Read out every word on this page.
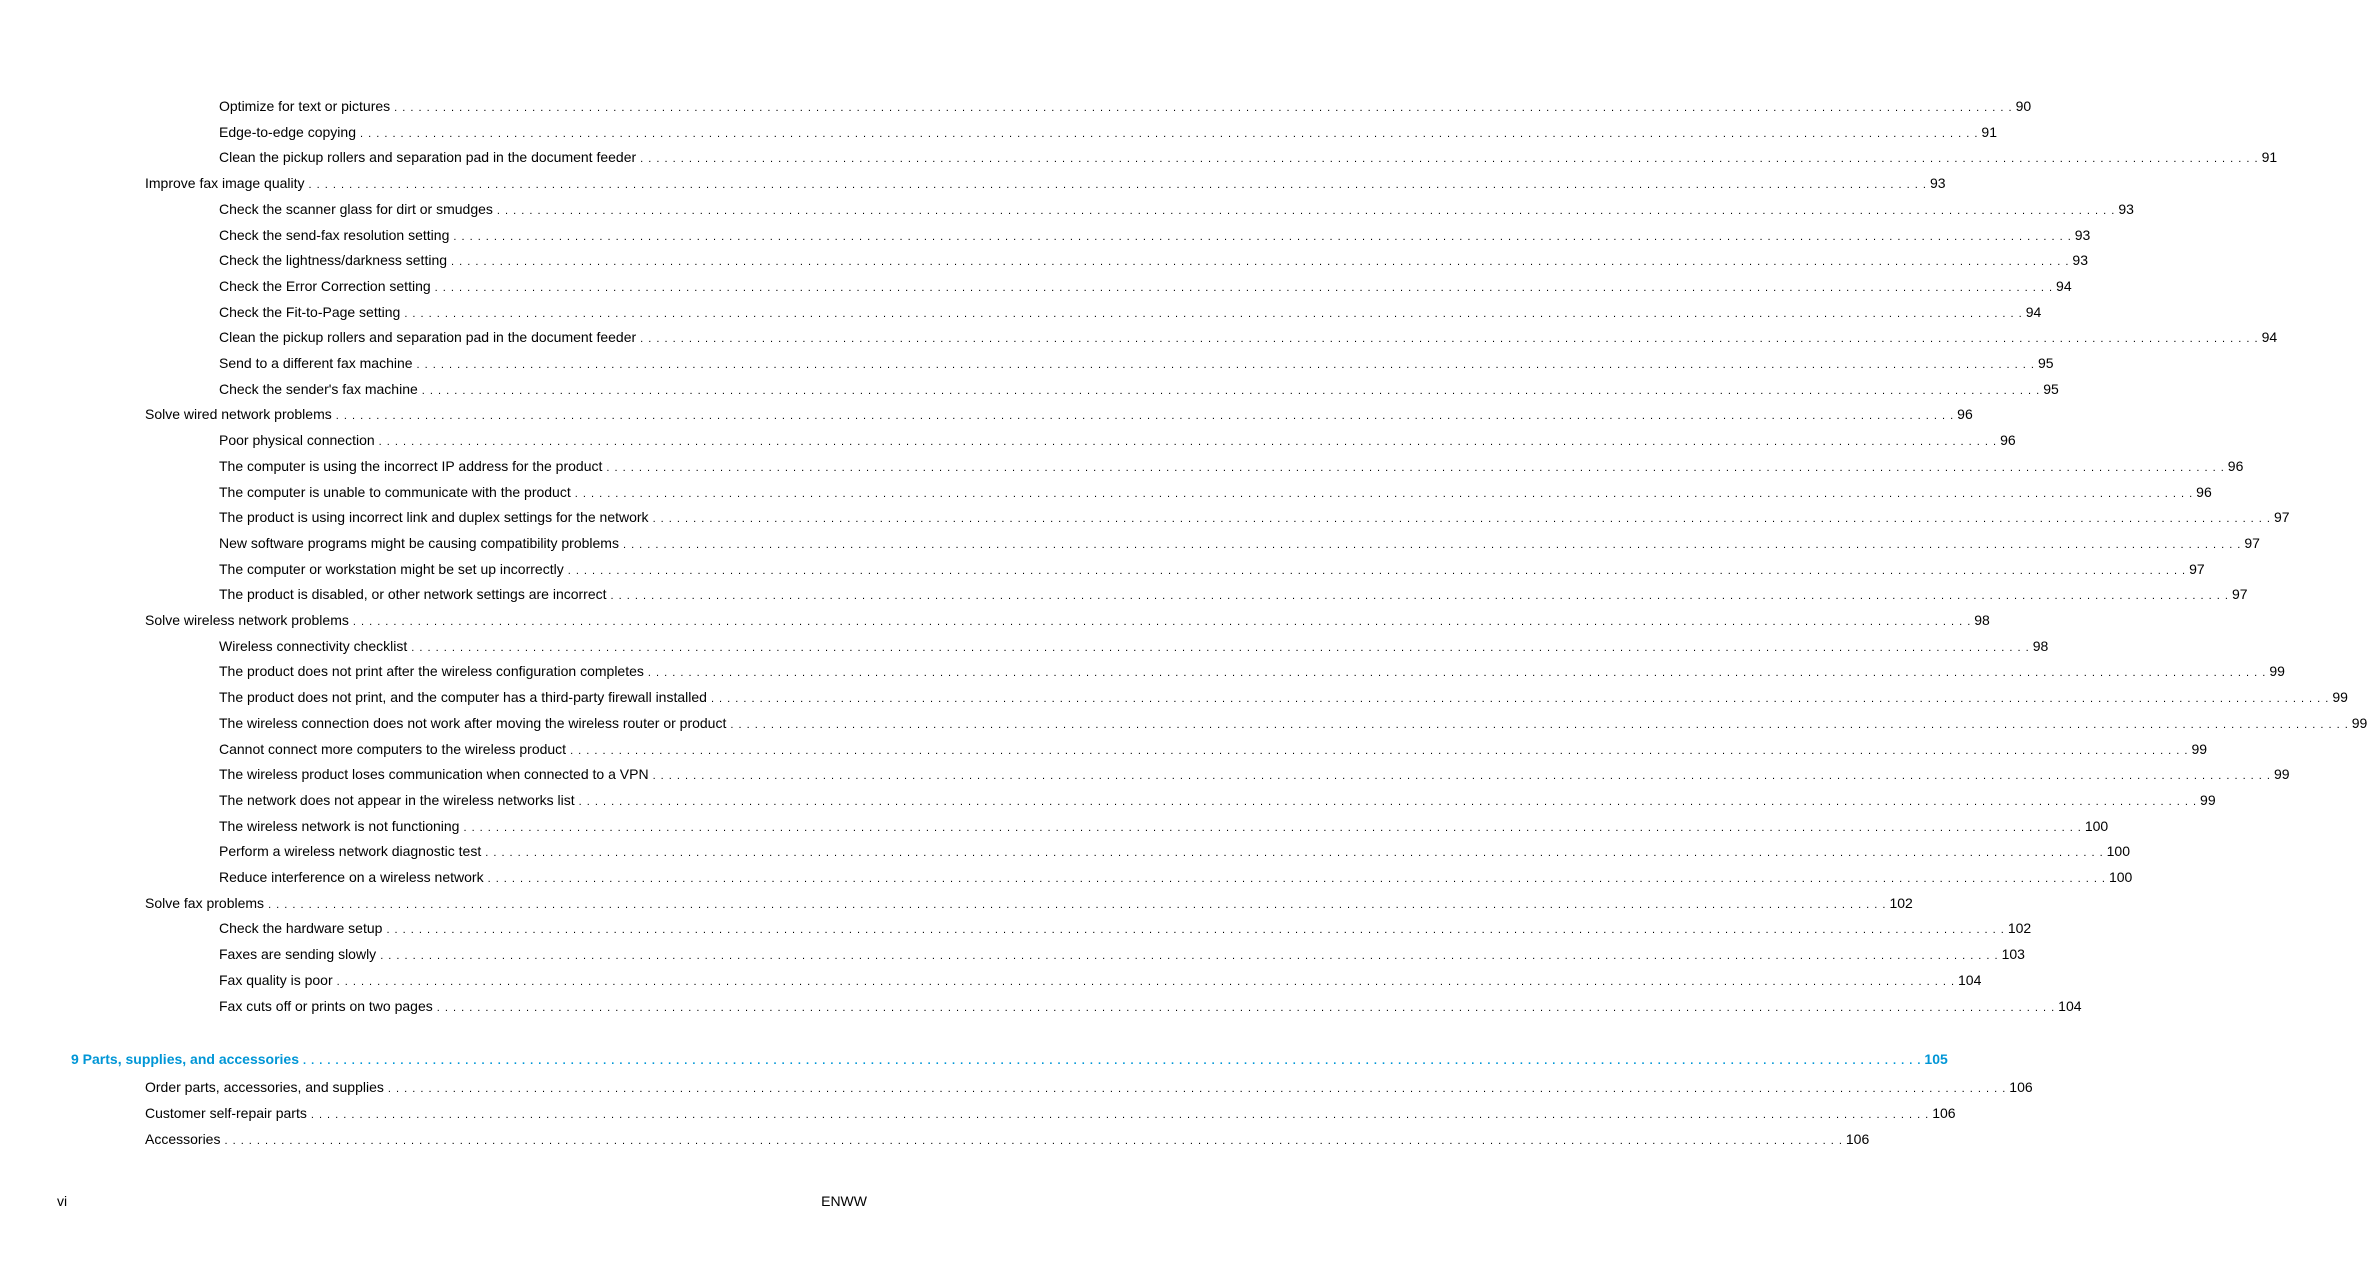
Optimize for text or pictures . . . . . . . . . . . . . . . . . . . . . . . . . . . . . . . . . . . . . . . . . . . . . . . . . . . . . . . . . . . . . . . . . . . . . . . . . . . . . . . . . . . . . . . . . . . . . . . . . . . . . . . . . . . . . . . . . . . . . . . . . . . . . . . . . . . . . . . . . . . . . . . . . . . . . . . . . . . . . . . . . . . . . . . . . . . . . . . . . . . . . . . . . . . . . . . . . . . . . . . . 90
Edge-to-edge copying . . . . . . . . . . . . . . . . . . . . . . . . . . . . . . . . . . . . . . . . . . . . . . . . . . . . . . . . . . . . . . . . . . . . . . . . . . . . . . . . . . . . . . . . . . . . . . . . . . . . . . . . . . . . . . . . . . . . . . . . . . . . . . . . . . . . . . . . . . . . . . . . . . . . . . . . . . . . . . . . . . . . . . . . . . . . . . . . . . . . . . . . . . . . . . . . . . . . . . . . 91
Clean the pickup rollers and separation pad in the document feeder . . . . . . . . . . . . . . . . . . . . . . . . . . . . . . . . . . . . . . . . . . . . . . . . . . . . . . . . . . . . . . . . . . . . . . . . . . . . . . . . . . . . . . . . . . . . . . . . . . . . . . . . . . . . . . . . . . . . . . . . . . . . . . . . . . . . . . . . . . . . . . . . . . . . . . . . . . . . . . . . . . . . . . . . . . . . . . . . . . . . . . . . . . . . . . . . . . . . . . . . 91
Improve fax image quality . . . . . . . . . . . . . . . . . . . . . . . . . . . . . . . . . . . . . . . . . . . . . . . . . . . . . . . . . . . . . . . . . . . . . . . . . . . . . . . . . . . . . . . . . . . . . . . . . . . . . . . . . . . . . . . . . . . . . . . . . . . . . . . . . . . . . . . . . . . . . . . . . . . . . . . . . . . . . . . . . . . . . . . . . . . . . . . . . . . . . . . . . . . . . . . . . . . . . . . . 93
Check the scanner glass for dirt or smudges . . . . . . . . . . . . . . . . . . . . . . . . . . . . . . . . . . . . . . . . . . . . . . . . . . . . . . . . . . . . . . . . . . . . . . . . . . . . . . . . . . . . . . . . . . . . . . . . . . . . . . . . . . . . . . . . . . . . . . . . . . . . . . . . . . . . . . . . . . . . . . . . . . . . . . . . . . . . . . . . . . . . . . . . . . . . . . . . . . . . . . . . . . . . . . . . . . . . . . . . 93
Check the send-fax resolution setting . . . . . . . . . . . . . . . . . . . . . . . . . . . . . . . . . . . . . . . . . . . . . . . . . . . . . . . . . . . . . . . . . . . . . . . . . . . . . . . . . . . . . . . . . . . . . . . . . . . . . . . . . . . . . . . . . . . . . . . . . . . . . . . . . . . . . . . . . . . . . . . . . . . . . . . . . . . . . . . . . . . . . . . . . . . . . . . . . . . . . . . . . . . . . . . . . . . . . . . . 93
Check the lightness/darkness setting . . . . . . . . . . . . . . . . . . . . . . . . . . . . . . . . . . . . . . . . . . . . . . . . . . . . . . . . . . . . . . . . . . . . . . . . . . . . . . . . . . . . . . . . . . . . . . . . . . . . . . . . . . . . . . . . . . . . . . . . . . . . . . . . . . . . . . . . . . . . . . . . . . . . . . . . . . . . . . . . . . . . . . . . . . . . . . . . . . . . . . . . . . . . . . . . . . . . . . . . 93
Check the Error Correction setting . . . . . . . . . . . . . . . . . . . . . . . . . . . . . . . . . . . . . . . . . . . . . . . . . . . . . . . . . . . . . . . . . . . . . . . . . . . . . . . . . . . . . . . . . . . . . . . . . . . . . . . . . . . . . . . . . . . . . . . . . . . . . . . . . . . . . . . . . . . . . . . . . . . . . . . . . . . . . . . . . . . . . . . . . . . . . . . . . . . . . . . . . . . . . . . . . . . . . . . . 94
Check the Fit-to-Page setting . . . . . . . . . . . . . . . . . . . . . . . . . . . . . . . . . . . . . . . . . . . . . . . . . . . . . . . . . . . . . . . . . . . . . . . . . . . . . . . . . . . . . . . . . . . . . . . . . . . . . . . . . . . . . . . . . . . . . . . . . . . . . . . . . . . . . . . . . . . . . . . . . . . . . . . . . . . . . . . . . . . . . . . . . . . . . . . . . . . . . . . . . . . . . . . . . . . . . . . . 94
Clean the pickup rollers and separation pad in the document feeder . . . . . . . . . . . . . . . . . . . . . . . . . . . . . . . . . . . . . . . . . . . . . . . . . . . . . . . . . . . . . . . . . . . . . . . . . . . . . . . . . . . . . . . . . . . . . . . . . . . . . . . . . . . . . . . . . . . . . . . . . . . . . . . . . . . . . . . . . . . . . . . . . . . . . . . . . . . . . . . . . . . . . . . . . . . . . . . . . . . . . . . . . . . . . . . . . . . . . . . . 94
Send to a different fax machine . . . . . . . . . . . . . . . . . . . . . . . . . . . . . . . . . . . . . . . . . . . . . . . . . . . . . . . . . . . . . . . . . . . . . . . . . . . . . . . . . . . . . . . . . . . . . . . . . . . . . . . . . . . . . . . . . . . . . . . . . . . . . . . . . . . . . . . . . . . . . . . . . . . . . . . . . . . . . . . . . . . . . . . . . . . . . . . . . . . . . . . . . . . . . . . . . . . . . . . . 95
Check the sender's fax machine . . . . . . . . . . . . . . . . . . . . . . . . . . . . . . . . . . . . . . . . . . . . . . . . . . . . . . . . . . . . . . . . . . . . . . . . . . . . . . . . . . . . . . . . . . . . . . . . . . . . . . . . . . . . . . . . . . . . . . . . . . . . . . . . . . . . . . . . . . . . . . . . . . . . . . . . . . . . . . . . . . . . . . . . . . . . . . . . . . . . . . . . . . . . . . . . . . . . . . . . 95
Solve wired network problems . . . . . . . . . . . . . . . . . . . . . . . . . . . . . . . . . . . . . . . . . . . . . . . . . . . . . . . . . . . . . . . . . . . . . . . . . . . . . . . . . . . . . . . . . . . . . . . . . . . . . . . . . . . . . . . . . . . . . . . . . . . . . . . . . . . . . . . . . . . . . . . . . . . . . . . . . . . . . . . . . . . . . . . . . . . . . . . . . . . . . . . . . . . . . . . . . . . . . . . . 96
Poor physical connection . . . . . . . . . . . . . . . . . . . . . . . . . . . . . . . . . . . . . . . . . . . . . . . . . . . . . . . . . . . . . . . . . . . . . . . . . . . . . . . . . . . . . . . . . . . . . . . . . . . . . . . . . . . . . . . . . . . . . . . . . . . . . . . . . . . . . . . . . . . . . . . . . . . . . . . . . . . . . . . . . . . . . . . . . . . . . . . . . . . . . . . . . . . . . . . . . . . . . . . . 96
The computer is using the incorrect IP address for the product . . . . . . . . . . . . . . . . . . . . . . . . . . . . . . . . . . . . . . . . . . . . . . . . . . . . . . . . . . . . . . . . . . . . . . . . . . . . . . . . . . . . . . . . . . . . . . . . . . . . . . . . . . . . . . . . . . . . . . . . . . . . . . . . . . . . . . . . . . . . . . . . . . . . . . . . . . . . . . . . . . . . . . . . . . . . . . . . . . . . . . . . . . . . . . . . . . . . . . . . 96
The computer is unable to communicate with the product . . . . . . . . . . . . . . . . . . . . . . . . . . . . . . . . . . . . . . . . . . . . . . . . . . . . . . . . . . . . . . . . . . . . . . . . . . . . . . . . . . . . . . . . . . . . . . . . . . . . . . . . . . . . . . . . . . . . . . . . . . . . . . . . . . . . . . . . . . . . . . . . . . . . . . . . . . . . . . . . . . . . . . . . . . . . . . . . . . . . . . . . . . . . . . . . . . . . . . . . 96
The product is using incorrect link and duplex settings for the network . . . . . . . . . . . . . . . . . . . . . . . . . . . . . . . . . . . . . . . . . . . . . . . . . . . . . . . . . . . . . . . . . . . . . . . . . . . . . . . . . . . . . . . . . . . . . . . . . . . . . . . . . . . . . . . . . . . . . . . . . . . . . . . . . . . . . . . . . . . . . . . . . . . . . . . . . . . . . . . . . . . . . . . . . . . . . . . . . . . . . . . . . . . . . . . . . . . . . . . . 97
New software programs might be causing compatibility problems . . . . . . . . . . . . . . . . . . . . . . . . . . . . . . . . . . . . . . . . . . . . . . . . . . . . . . . . . . . . . . . . . . . . . . . . . . . . . . . . . . . . . . . . . . . . . . . . . . . . . . . . . . . . . . . . . . . . . . . . . . . . . . . . . . . . . . . . . . . . . . . . . . . . . . . . . . . . . . . . . . . . . . . . . . . . . . . . . . . . . . . . . . . . . . . . . . . . . . . . 97
The computer or workstation might be set up incorrectly . . . . . . . . . . . . . . . . . . . . . . . . . . . . . . . . . . . . . . . . . . . . . . . . . . . . . . . . . . . . . . . . . . . . . . . . . . . . . . . . . . . . . . . . . . . . . . . . . . . . . . . . . . . . . . . . . . . . . . . . . . . . . . . . . . . . . . . . . . . . . . . . . . . . . . . . . . . . . . . . . . . . . . . . . . . . . . . . . . . . . . . . . . . . . . . . . . . . . . . . 97
The product is disabled, or other network settings are incorrect . . . . . . . . . . . . . . . . . . . . . . . . . . . . . . . . . . . . . . . . . . . . . . . . . . . . . . . . . . . . . . . . . . . . . . . . . . . . . . . . . . . . . . . . . . . . . . . . . . . . . . . . . . . . . . . . . . . . . . . . . . . . . . . . . . . . . . . . . . . . . . . . . . . . . . . . . . . . . . . . . . . . . . . . . . . . . . . . . . . . . . . . . . . . . . . . . . . . . . . . 97
Solve wireless network problems . . . . . . . . . . . . . . . . . . . . . . . . . . . . . . . . . . . . . . . . . . . . . . . . . . . . . . . . . . . . . . . . . . . . . . . . . . . . . . . . . . . . . . . . . . . . . . . . . . . . . . . . . . . . . . . . . . . . . . . . . . . . . . . . . . . . . . . . . . . . . . . . . . . . . . . . . . . . . . . . . . . . . . . . . . . . . . . . . . . . . . . . . . . . . . . . . . . . . . . . 98
Wireless connectivity checklist . . . . . . . . . . . . . . . . . . . . . . . . . . . . . . . . . . . . . . . . . . . . . . . . . . . . . . . . . . . . . . . . . . . . . . . . . . . . . . . . . . . . . . . . . . . . . . . . . . . . . . . . . . . . . . . . . . . . . . . . . . . . . . . . . . . . . . . . . . . . . . . . . . . . . . . . . . . . . . . . . . . . . . . . . . . . . . . . . . . . . . . . . . . . . . . . . . . . . . . . 98
The product does not print after the wireless configuration completes . . . . . . . . . . . . . . . . . . . . . . . . . . . . . . . . . . . . . . . . . . . . . . . . . . . . . . . . . . . . . . . . . . . . . . . . . . . . . . . . . . . . . . . . . . . . . . . . . . . . . . . . . . . . . . . . . . . . . . . . . . . . . . . . . . . . . . . . . . . . . . . . . . . . . . . . . . . . . . . . . . . . . . . . . . . . . . . . . . . . . . . . . . . . . . . . . . . . . . . . 99
The product does not print, and the computer has a third-party firewall installed . . . . . . . . . . . . . . . . . . . . . . . . . . . . . . . . . . . . . . . . . . . . . . . . . . . . . . . . . . . . . . . . . . . . . . . . . . . . . . . . . . . . . . . . . . . . . . . . . . . . . . . . . . . . . . . . . . . . . . . . . . . . . . . . . . . . . . . . . . . . . . . . . . . . . . . . . . . . . . . . . . . . . . . . . . . . . . . . . . . . . . . . . . . . . . . . . . . . . . . . 99
The wireless connection does not work after moving the wireless router or product . . . . . . . . . . . . . . . . . . . . . . . . . . . . . . . . . . . . . . . . . . . . . . . . . . . . . . . . . . . . . . . . . . . . . . . . . . . . . . . . . . . . . . . . . . . . . . . . . . . . . . . . . . . . . . . . . . . . . . . . . . . . . . . . . . . . . . . . . . . . . . . . . . . . . . . . . . . . . . . . . . . . . . . . . . . . . . . . . . . . . . . . . . . . . . . . . . . . . . . . 99
Cannot connect more computers to the wireless product . . . . . . . . . . . . . . . . . . . . . . . . . . . . . . . . . . . . . . . . . . . . . . . . . . . . . . . . . . . . . . . . . . . . . . . . . . . . . . . . . . . . . . . . . . . . . . . . . . . . . . . . . . . . . . . . . . . . . . . . . . . . . . . . . . . . . . . . . . . . . . . . . . . . . . . . . . . . . . . . . . . . . . . . . . . . . . . . . . . . . . . . . . . . . . . . . . . . . . . . 99
The wireless product loses communication when connected to a VPN . . . . . . . . . . . . . . . . . . . . . . . . . . . . . . . . . . . . . . . . . . . . . . . . . . . . . . . . . . . . . . . . . . . . . . . . . . . . . . . . . . . . . . . . . . . . . . . . . . . . . . . . . . . . . . . . . . . . . . . . . . . . . . . . . . . . . . . . . . . . . . . . . . . . . . . . . . . . . . . . . . . . . . . . . . . . . . . . . . . . . . . . . . . . . . . . . . . . . . . . 99
The network does not appear in the wireless networks list . . . . . . . . . . . . . . . . . . . . . . . . . . . . . . . . . . . . . . . . . . . . . . . . . . . . . . . . . . . . . . . . . . . . . . . . . . . . . . . . . . . . . . . . . . . . . . . . . . . . . . . . . . . . . . . . . . . . . . . . . . . . . . . . . . . . . . . . . . . . . . . . . . . . . . . . . . . . . . . . . . . . . . . . . . . . . . . . . . . . . . . . . . . . . . . . . . . . . . . . 99
The wireless network is not functioning . . . . . . . . . . . . . . . . . . . . . . . . . . . . . . . . . . . . . . . . . . . . . . . . . . . . . . . . . . . . . . . . . . . . . . . . . . . . . . . . . . . . . . . . . . . . . . . . . . . . . . . . . . . . . . . . . . . . . . . . . . . . . . . . . . . . . . . . . . . . . . . . . . . . . . . . . . . . . . . . . . . . . . . . . . . . . . . . . . . . . . . . . . . . . . . . . . . . . . . . 100
Perform a wireless network diagnostic test . . . . . . . . . . . . . . . . . . . . . . . . . . . . . . . . . . . . . . . . . . . . . . . . . . . . . . . . . . . . . . . . . . . . . . . . . . . . . . . . . . . . . . . . . . . . . . . . . . . . . . . . . . . . . . . . . . . . . . . . . . . . . . . . . . . . . . . . . . . . . . . . . . . . . . . . . . . . . . . . . . . . . . . . . . . . . . . . . . . . . . . . . . . . . . . . . . . . . . . . 100
Reduce interference on a wireless network . . . . . . . . . . . . . . . . . . . . . . . . . . . . . . . . . . . . . . . . . . . . . . . . . . . . . . . . . . . . . . . . . . . . . . . . . . . . . . . . . . . . . . . . . . . . . . . . . . . . . . . . . . . . . . . . . . . . . . . . . . . . . . . . . . . . . . . . . . . . . . . . . . . . . . . . . . . . . . . . . . . . . . . . . . . . . . . . . . . . . . . . . . . . . . . . . . . . . . . . 100
Solve fax problems . . . . . . . . . . . . . . . . . . . . . . . . . . . . . . . . . . . . . . . . . . . . . . . . . . . . . . . . . . . . . . . . . . . . . . . . . . . . . . . . . . . . . . . . . . . . . . . . . . . . . . . . . . . . . . . . . . . . . . . . . . . . . . . . . . . . . . . . . . . . . . . . . . . . . . . . . . . . . . . . . . . . . . . . . . . . . . . . . . . . . . . . . . . . . . . . . . . . . . . . 102
Check the hardware setup . . . . . . . . . . . . . . . . . . . . . . . . . . . . . . . . . . . . . . . . . . . . . . . . . . . . . . . . . . . . . . . . . . . . . . . . . . . . . . . . . . . . . . . . . . . . . . . . . . . . . . . . . . . . . . . . . . . . . . . . . . . . . . . . . . . . . . . . . . . . . . . . . . . . . . . . . . . . . . . . . . . . . . . . . . . . . . . . . . . . . . . . . . . . . . . . . . . . . . . . 102
Faxes are sending slowly . . . . . . . . . . . . . . . . . . . . . . . . . . . . . . . . . . . . . . . . . . . . . . . . . . . . . . . . . . . . . . . . . . . . . . . . . . . . . . . . . . . . . . . . . . . . . . . . . . . . . . . . . . . . . . . . . . . . . . . . . . . . . . . . . . . . . . . . . . . . . . . . . . . . . . . . . . . . . . . . . . . . . . . . . . . . . . . . . . . . . . . . . . . . . . . . . . . . . . . . 103
Fax quality is poor . . . . . . . . . . . . . . . . . . . . . . . . . . . . . . . . . . . . . . . . . . . . . . . . . . . . . . . . . . . . . . . . . . . . . . . . . . . . . . . . . . . . . . . . . . . . . . . . . . . . . . . . . . . . . . . . . . . . . . . . . . . . . . . . . . . . . . . . . . . . . . . . . . . . . . . . . . . . . . . . . . . . . . . . . . . . . . . . . . . . . . . . . . . . . . . . . . . . . . . . 104
Fax cuts off or prints on two pages . . . . . . . . . . . . . . . . . . . . . . . . . . . . . . . . . . . . . . . . . . . . . . . . . . . . . . . . . . . . . . . . . . . . . . . . . . . . . . . . . . . . . . . . . . . . . . . . . . . . . . . . . . . . . . . . . . . . . . . . . . . . . . . . . . . . . . . . . . . . . . . . . . . . . . . . . . . . . . . . . . . . . . . . . . . . . . . . . . . . . . . . . . . . . . . . . . . . . . . . 104
9 Parts, supplies, and accessories . . . . . . . . . . . . . . . . . . . . . . . . . . . . . . . . . . . . . . . . . . . . . . . . . . . . . . . . . . . . . . . . . . . . . . . . . . . . . . . . . . . . . . . . . . . . . . . . . . . . . . . . . . . . . . . . . . . . . . . . . . . . . . . . . . . . . . . . . . . . . . . . . . . . . . . . . . . . . . . . . . . . . . . . . . . . . . . . . . . . . . . . . . . . . . . . . . . . . . . . 105
Order parts, accessories, and supplies . . . . . . . . . . . . . . . . . . . . . . . . . . . . . . . . . . . . . . . . . . . . . . . . . . . . . . . . . . . . . . . . . . . . . . . . . . . . . . . . . . . . . . . . . . . . . . . . . . . . . . . . . . . . . . . . . . . . . . . . . . . . . . . . . . . . . . . . . . . . . . . . . . . . . . . . . . . . . . . . . . . . . . . . . . . . . . . . . . . . . . . . . . . . . . . . . . . . . . . . 106
Customer self-repair parts . . . . . . . . . . . . . . . . . . . . . . . . . . . . . . . . . . . . . . . . . . . . . . . . . . . . . . . . . . . . . . . . . . . . . . . . . . . . . . . . . . . . . . . . . . . . . . . . . . . . . . . . . . . . . . . . . . . . . . . . . . . . . . . . . . . . . . . . . . . . . . . . . . . . . . . . . . . . . . . . . . . . . . . . . . . . . . . . . . . . . . . . . . . . . . . . . . . . . . . . 106
Accessories . . . . . . . . . . . . . . . . . . . . . . . . . . . . . . . . . . . . . . . . . . . . . . . . . . . . . . . . . . . . . . . . . . . . . . . . . . . . . . . . . . . . . . . . . . . . . . . . . . . . . . . . . . . . . . . . . . . . . . . . . . . . . . . . . . . . . . . . . . . . . . . . . . . . . . . . . . . . . . . . . . . . . . . . . . . . . . . . . . . . . . . . . . . . . . . . . . . . . . . . 106
vi	ENWW
